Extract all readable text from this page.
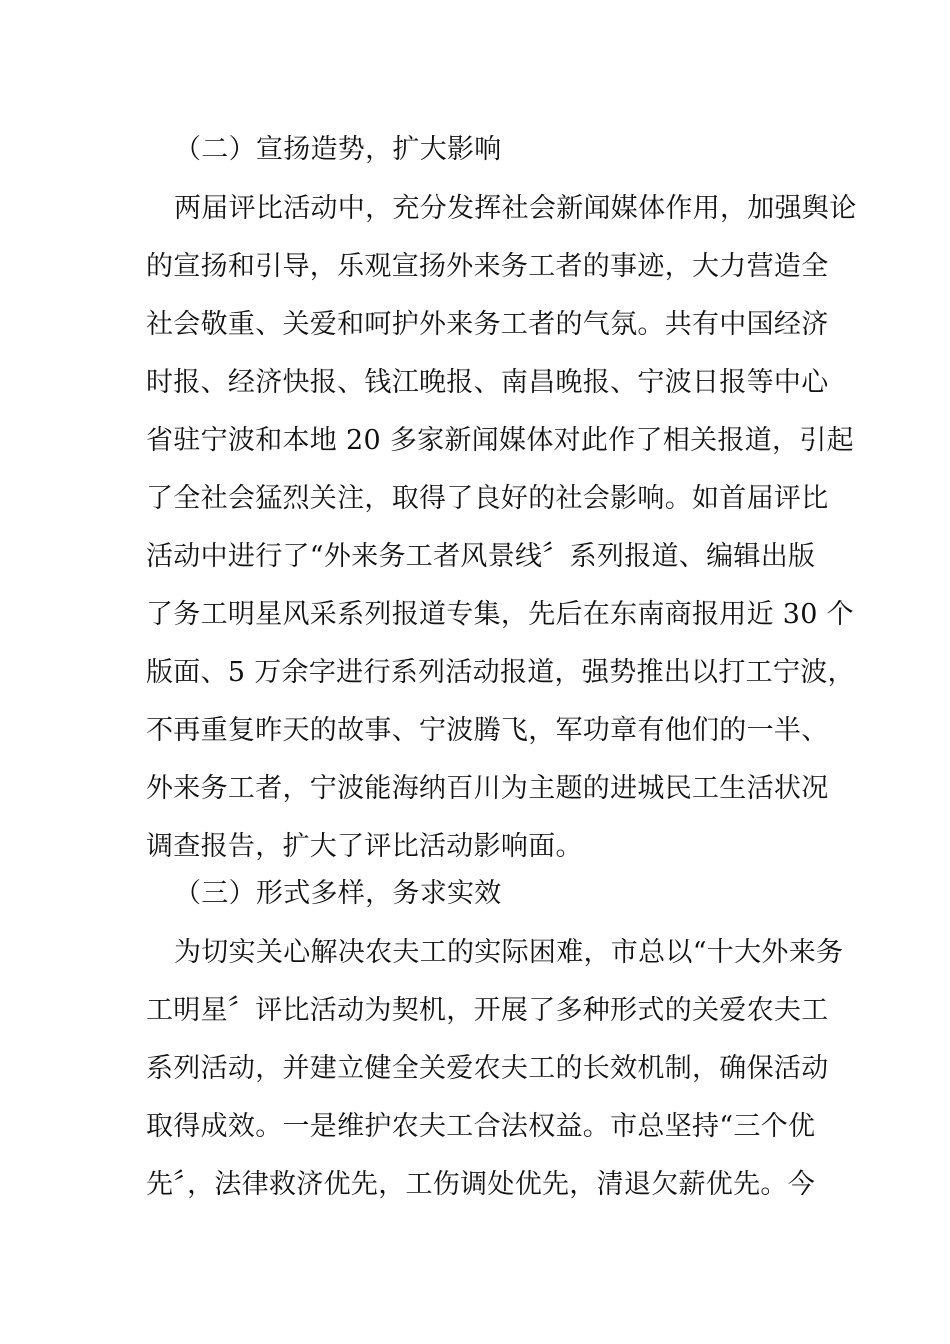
（二）宣扬造势，扩大影响
两届评比活动中，充分发挥社会新闻媒体作用，加强舆论
的宣扬和引导，乐观宣扬外来务工者的事迹，大力营造全
社会敬重、关爱和呵护外来务工者的气氛。共有中国经济
时报、经济快报、钱江晚报、南昌晚报、宁波日报等中心
省驻宁波和本地 20 多家新闻媒体对此作了相关报道，引起
了全社会猛烈关注，取得了良好的社会影响。如首届评比
活动中进行了“外来务工者风景线〞系列报道、编辑出版
了务工明星风采系列报道专集，先后在东南商报用近 30 个
版面、5 万余字进行系列活动报道，强势推出以打工宁波，
不再重复昨天的故事、宁波腾飞，军功章有他们的一半、
外来务工者，宁波能海纳百川为主题的进城民工生活状况
调查报告，扩大了评比活动影响面。
（三）形式多样，务求实效
为切实关心解决农夫工的实际困难，市总以“十大外来务
工明星〞评比活动为契机，开展了多种形式的关爱农夫工
系列活动，并建立健全关爱农夫工的长效机制，确保活动
取得成效。一是维护农夫工合法权益。市总坚持“三个优
先〞，法律救济优先，工伤调处优先，清退欠薪优先。今
